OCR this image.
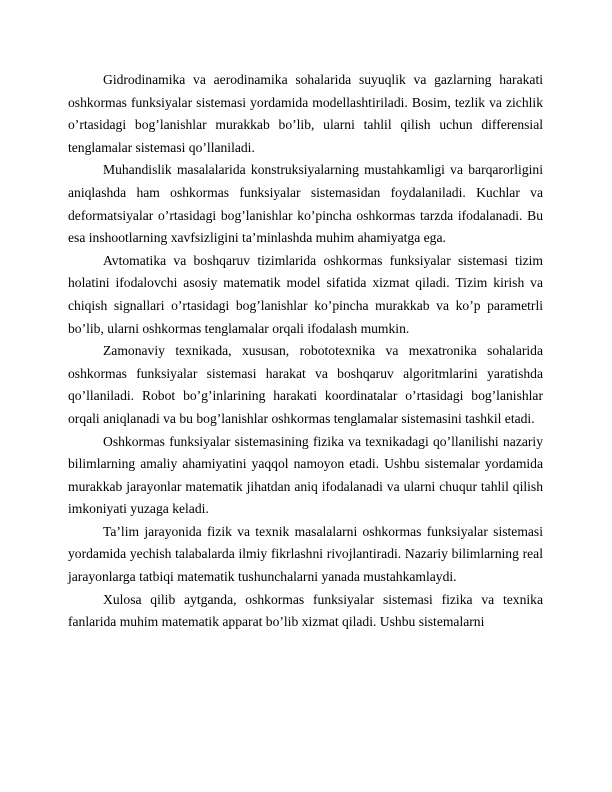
Gidrodinamika va aerodinamika sohalarida suyuqlik va gazlarning harakati oshkormas funksiyalar sistemasi yordamida modellashtiriladi. Bosim, tezlik va zichlik o’rtasidagi bog’lanishlar murakkab bo’lib, ularni tahlil qilish uchun differensial tenglamalar sistemasi qo’llaniladi.

Muhandislik masalalarida konstruksiyalarning mustahkamligi va barqarorligini aniqlashda ham oshkormas funksiyalar sistemasidan foydalaniladi. Kuchlar va deformatsiyalar o’rtasidagi bog’lanishlar ko’pincha oshkormas tarzda ifodalanadi. Bu esa inshootlarning xavfsizligini ta’minlashda muhim ahamiyatga ega.

Avtomatika va boshqaruv tizimlarida oshkormas funksiyalar sistemasi tizim holatini ifodalovchi asosiy matematik model sifatida xizmat qiladi. Tizim kirish va chiqish signallari o’rtasidagi bog’lanishlar ko’pincha murakkab va ko’p parametrli bo’lib, ularni oshkormas tenglamalar orqali ifodalash mumkin.

Zamonaviy texnikada, xususan, robototexnika va mexatronika sohalarida oshkormas funksiyalar sistemasi harakat va boshqaruv algoritmlarini yaratishda qo’llaniladi. Robot bo’g’inlarining harakati koordinatalar o’rtasidagi bog’lanishlar orqali aniqlanadi va bu bog’lanishlar oshkormas tenglamalar sistemasini tashkil etadi.

Oshkormas funksiyalar sistemasining fizika va texnikadagi qo’llanilishi nazariy bilimlarning amaliy ahamiyatini yaqqol namoyon etadi. Ushbu sistemalar yordamida murakkab jarayonlar matematik jihatdan aniq ifodalanadi va ularni chuqur tahlil qilish imkoniyati yuzaga keladi.

Ta’lim jarayonida fizik va texnik masalalarni oshkormas funksiyalar sistemasi yordamida yechish talabalarda ilmiy fikrlashni rivojlantiradi. Nazariy bilimlarning real jarayonlarga tatbiqi matematik tushunchalarni yanada mustahkamlaydi.

Xulosa qilib aytganda, oshkormas funksiyalar sistemasi fizika va texnika fanlarida muhim matematik apparat bo’lib xizmat qiladi. Ushbu sistemalarni
